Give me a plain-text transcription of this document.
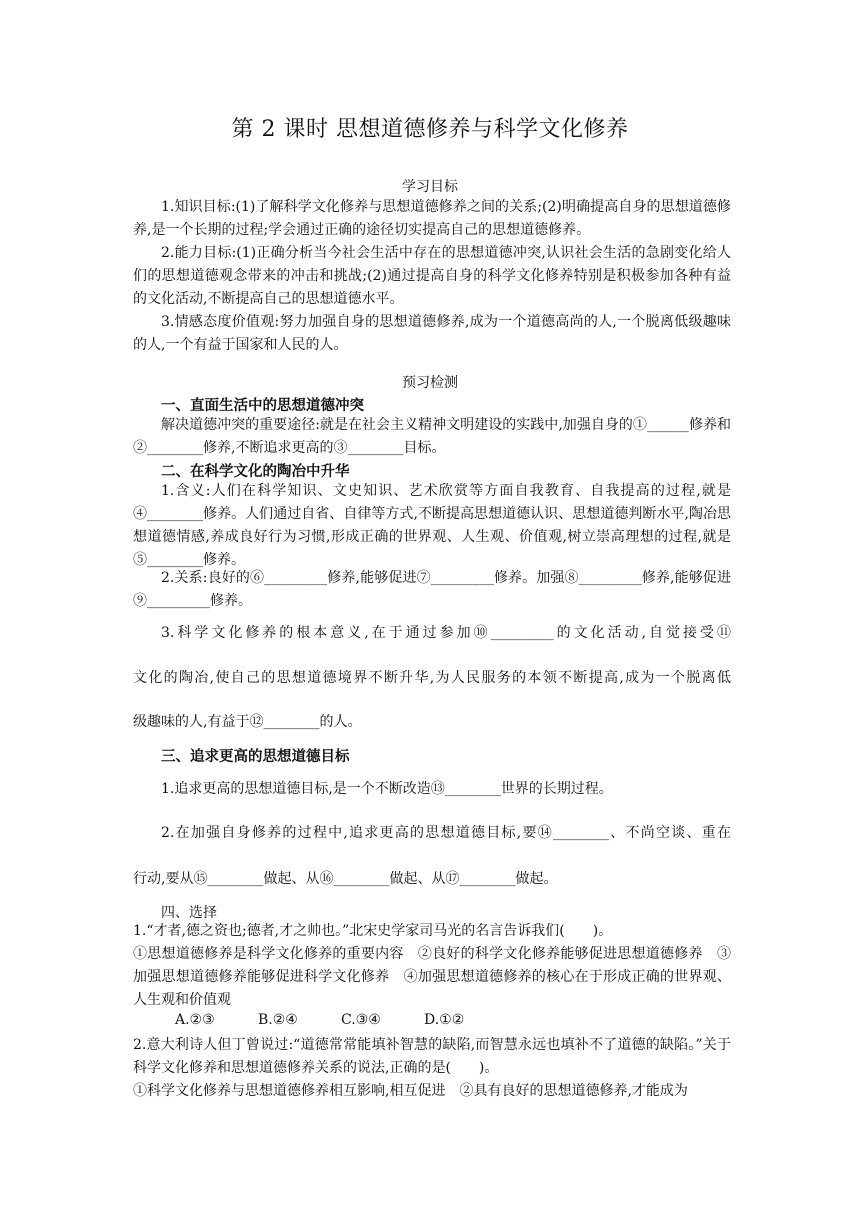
第 2 课时 思想道德修养与科学文化修养
学习目标

1.知识目标:(1)了解科学文化修养与思想道德修养之间的关系;(2)明确提高自身的思想道德修养,是一个长期的过程;学会通过正确的途径切实提高自己的思想道德修养。

2.能力目标:(1)正确分析当今社会生活中存在的思想道德冲突,认识社会生活的急剧变化给人们的思想道德观念带来的冲击和挑战;(2)通过提高自身的科学文化修养特别是积极参加各种有益的文化活动,不断提高自己的思想道德水平。

3.情感态度价值观:努力加强自身的思想道德修养,成为一个道德高尚的人,一个脱离低级趣味的人,一个有益于国家和人民的人。

预习检测

一、直面生活中的思想道德冲突

解决道德冲突的重要途径:就是在社会主义精神文明建设的实践中,加强自身的①______修养和②________修养,不断追求更高的③________目标。

二、在科学文化的陶冶中升华

1.含义:人们在科学知识、文史知识、艺术欣赏等方面自我教育、自我提高的过程,就是④________修养。人们通过自省、自律等方式,不断提高思想道德认识、思想道德判断水平,陶冶思想道德情感,养成良好行为习惯,形成正确的世界观、人生观、价值观,树立崇高理想的过程,就是⑤________修养。

2.关系:良好的⑥_________修养,能够促进⑦_________修养。加强⑧_________修养,能够促进⑨_________修养。

3.科学文化修养的根本意义,在于通过参加⑩_________的文化活动,自觉接受⑪

文化的陶冶,使自己的思想道德境界不断升华,为人民服务的本领不断提高,成为一个脱离低

级趣味的人,有益于⑫________的人。

三、追求更高的思想道德目标

1.追求更高的思想道德目标,是一个不断改造⑬________世界的长期过程。

2.在加强自身修养的过程中,追求更高的思想道德目标,要⑭________、不尚空谈、重在

行动,要从⑮________做起、从⑯________做起、从⑰________做起。

四、选择

1.“才者,德之资也;德者,才之帅也。”北宋史学家司马光的名言告诉我们(　　)。

①思想道德修养是科学文化修养的重要内容　②良好的科学文化修养能够促进思想道德修养　③加强思想道德修养能够促进科学文化修养　④加强思想道德修养的核心在于形成正确的世界观、人生观和价值观

A.②③	B.②④	C.③④	D.①②

2.意大利诗人但丁曾说过:“道德常常能填补智慧的缺陷,而智慧永远也填补不了道德的缺陷。”关于科学文化修养和思想道德修养关系的说法,正确的是(　　)。

①科学文化修养与思想道德修养相互影响,相互促进　②具有良好的思想道德修养,才能成为
